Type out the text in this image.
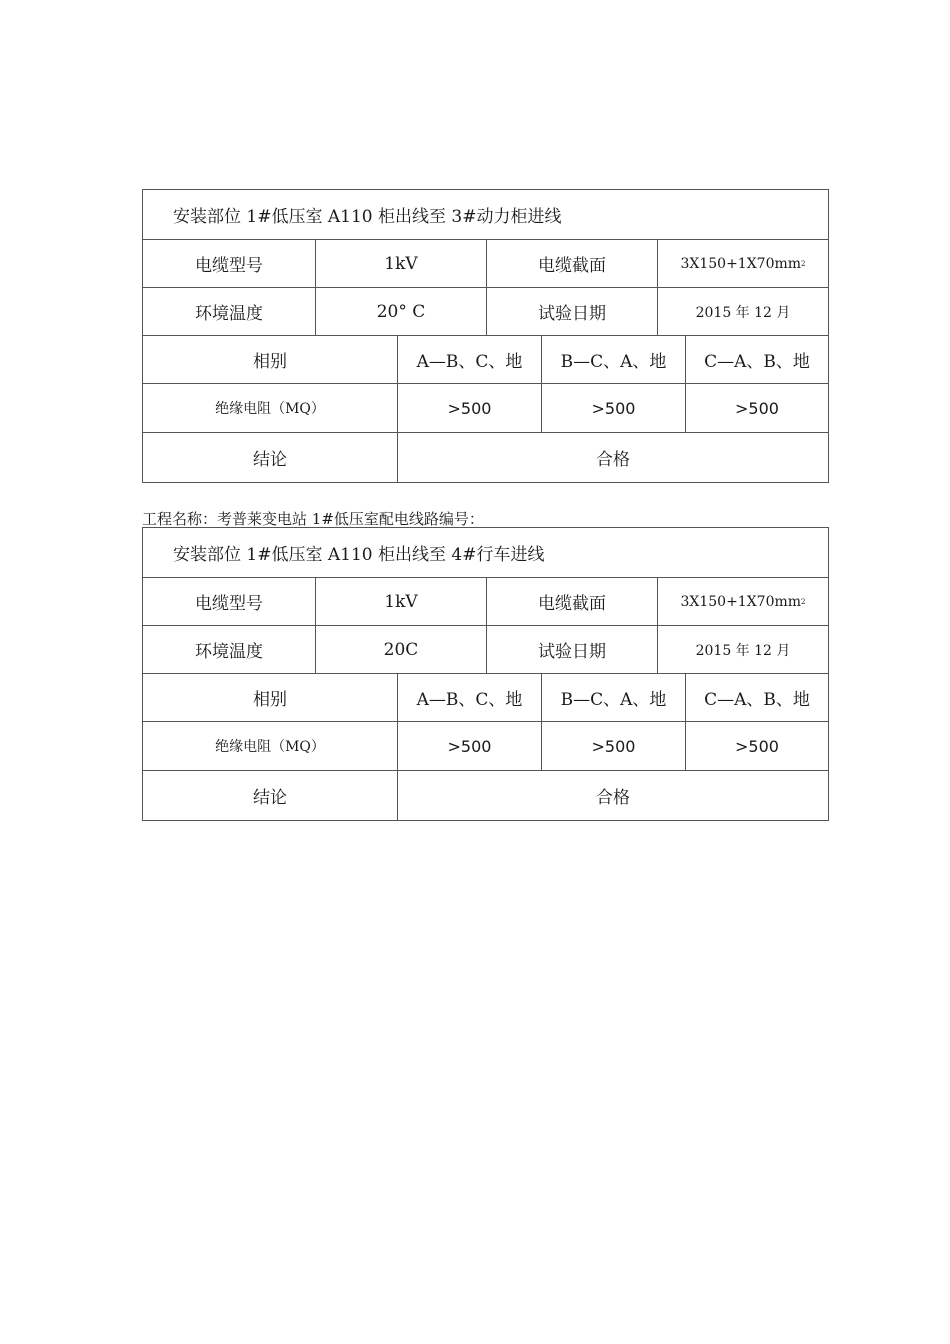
安装部位 1#低压室 A110 柜出线至 3#动力柜进线
电缆型号	1kV	电缆截面	3X150+1X70mm 2
环境温度	20° C	试验日期	2015 年 12 月
相别	A—B、C、地	B—C、A、地	C—A、B、地
绝缘电阻（MQ）	>500	>500	>500
结论	合格
工程名称：考普莱变电站 1#低压室配电线路编号：
安装部位 1#低压室 A110 柜出线至 4#行车进线
电缆型号	1kV	电缆截面	3X150+1X70mm 2
环境温度	20C	试验日期	2015 年 12 月
相别	A—B、C、地	B—C、A、地	C—A、B、地
绝缘电阻（MQ）	>500	>500	>500
结论	合格
